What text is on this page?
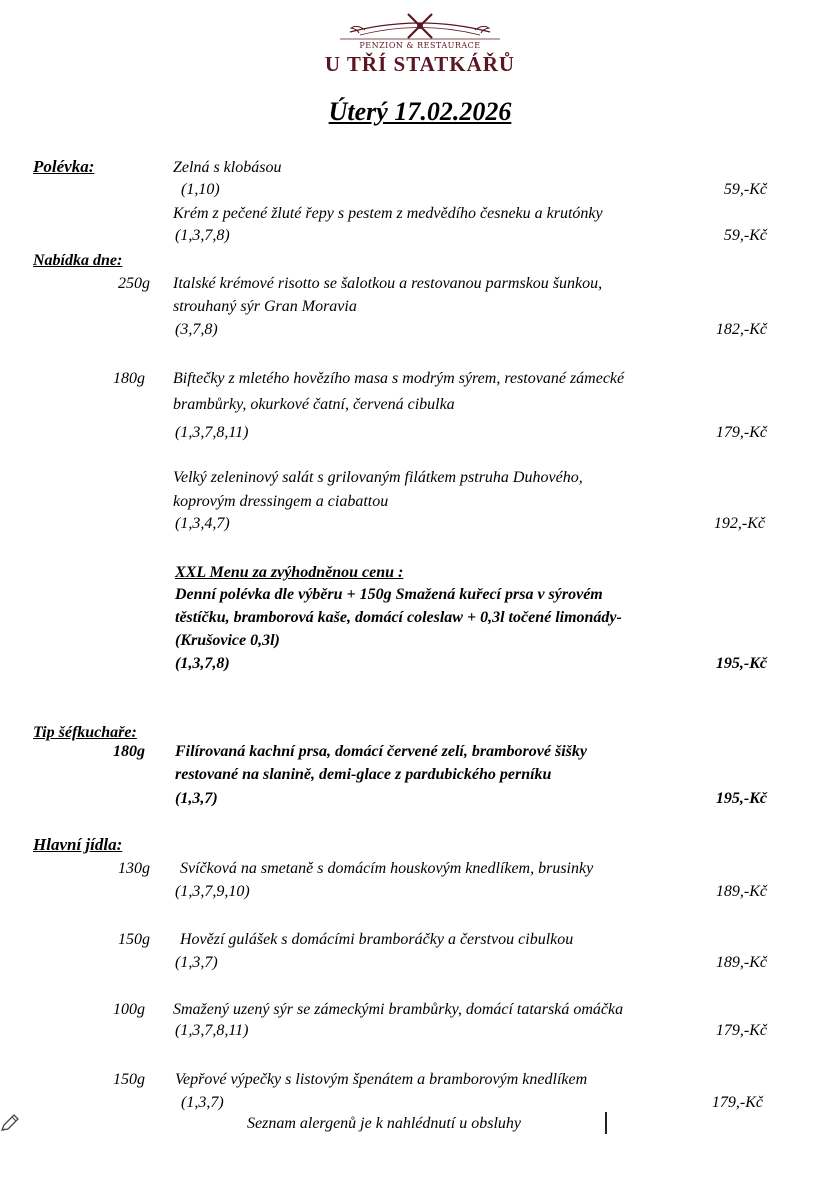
PENZION & RESTAURACE
U TŘÍ STATKÁŘŮ
Úterý 17.02.2026
Polévka:	Zelná s klobásou
(1,10)	59,-Kč
Krém z pečené žluté řepy s pestem z medvědího česneku a krutónky
(1,3,7,8)	59,-Kč
Nabídka dne:
250g Italské krémové risotto se šalotkou a restovanou parmskou šunkou,
strouhaný sýr Gran Moravia
(3,7,8)	182,-Kč
180g Biftečky z mletého hovězího masa s modrým sýrem, restované zámecké
brambůrky, okurkové čatní, červená cibulka
(1,3,7,8,11)	179,-Kč
Velký zeleninový salát s grilovaným filátkem pstruha Duhového,
koprovým dressingem a ciabattou
(1,3,4,7)	192,-Kč
XXL Menu za zvýhodněnou cenu :
Denní polévka dle výběru + 150g Smažená kuřecí prsa v sýrovém
těstíčku, bramborová kaše, domácí coleslaw + 0,3l točené limonády-
(Krušovice 0,3l)
(1,3,7,8)	195,-Kč
Tip šéfkuchaře:
180g Filírovaná kachní prsa, domácí červené zelí, bramborové šišky
restované na slanině, demi-glace z pardubického perníku
(1,3,7)	195,-Kč
Hlavní jídla:
130g Svíčková na smetaně s domácím houskovým knedlíkem, brusinky
(1,3,7,9,10)	189,-Kč
150g Hovězí gulášek s domácími bramboráčky a čerstvou cibulkou
(1,3,7)	189,-Kč
100g Smažený uzený sýr se zámeckými brambůrky, domácí tatarská omáčka
(1,3,7,8,11)	179,-Kč
150g Vepřové výpečky s listovým špenátem a bramborovým knedlíkem
(1,3,7)	179,-Kč
Seznam alergenů je k nahlédnutí u obsluhy
